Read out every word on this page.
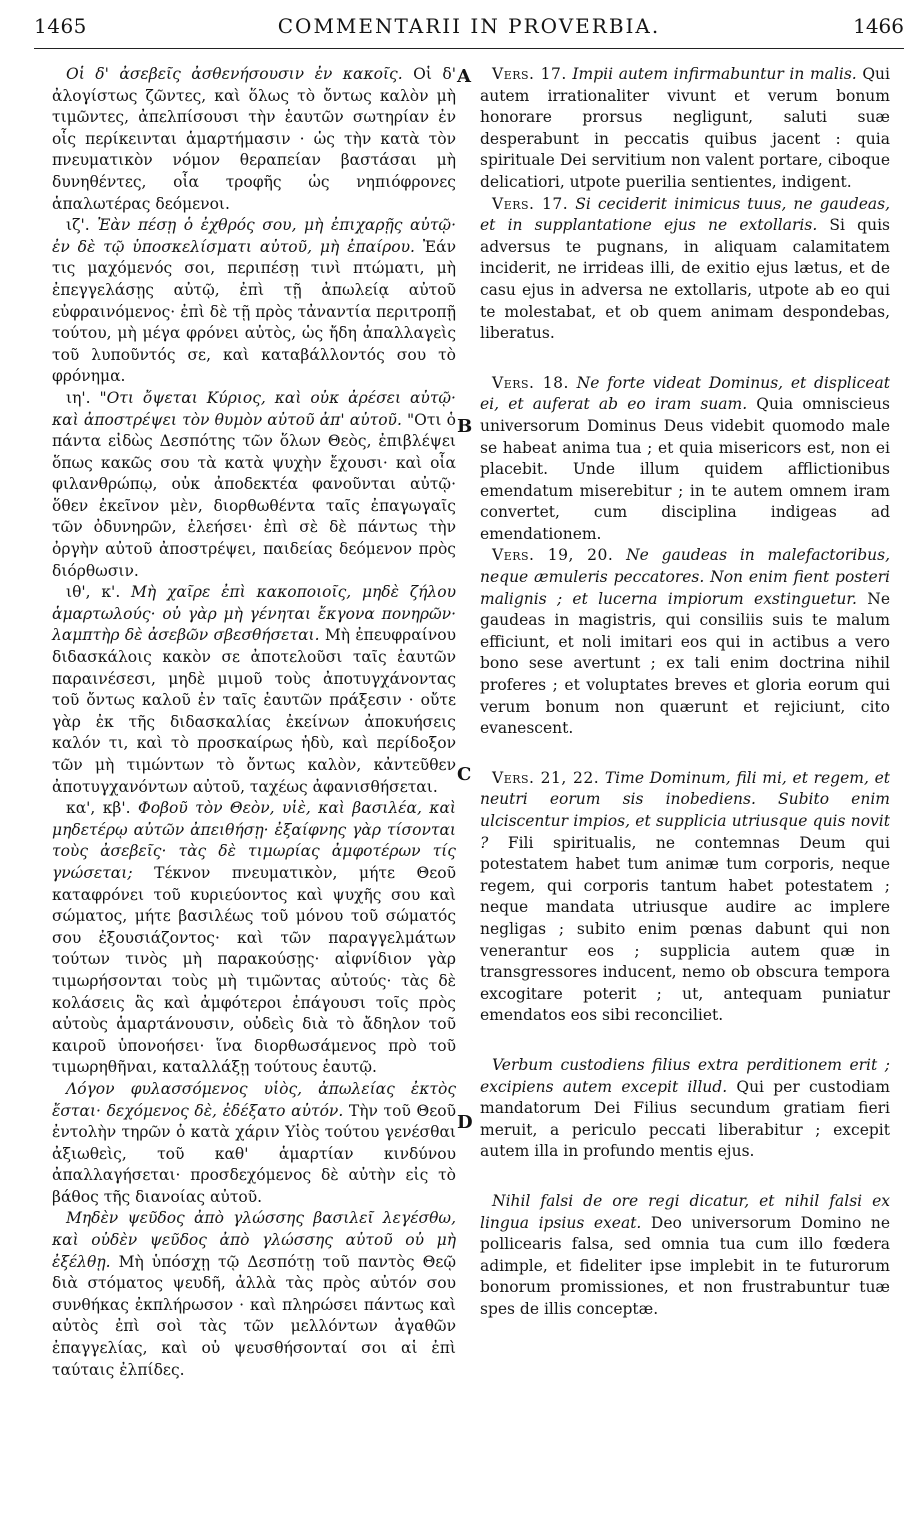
1465	COMMENTARII IN PROVERBIA.	1466
A
B
C
D

Οἱ δ' ἀσεβεῖς ἀσθενήσουσιν ἐν κακοῖς. Οἱ δ' ἀλογίστως ζῶντες, καὶ ὅλως τὸ ὄντως καλὸν μὴ τιμῶντες, ἀπελπίσουσι τὴν ἑαυτῶν σωτηρίαν ἐν οἷς περίκεινται ἁμαρτήμασιν · ὡς τὴν κατὰ τὸν πνευματικὸν νόμον θεραπείαν βαστάσαι μὴ δυνηθέντες, οἷα τροφῆς ὡς νηπιόφρονες ἁπαλωτέρας δεόμενοι.

ιζ'. Ἐὰν πέσῃ ὁ ἐχθρός σου, μὴ ἐπιχαρῇς αὐτῷ· ἐν δὲ τῷ ὑποσκελίσματι αὐτοῦ, μὴ ἐπαίρου. Ἐάν τις μαχόμενός σοι, περιπέσῃ τινὶ πτώματι, μὴ ἐπεγγελάσῃς αὐτῷ, ἐπὶ τῇ ἀπωλείᾳ αὐτοῦ εὐφραινόμενος· ἐπὶ δὲ τῇ πρὸς τἀναντία περιτροπῇ τούτου, μὴ μέγα φρόνει αὐτὸς, ὡς ἤδη ἀπαλλαγεὶς τοῦ λυποῦντός σε, καὶ καταβάλλοντός σου τὸ φρόνημα.

ιη'. "Οτι ὄψεται Κύριος, καὶ οὐκ ἀρέσει αὐτῷ· καὶ ἀποστρέψει τὸν θυμὸν αὐτοῦ ἀπ' αὐτοῦ. "Οτι ὁ πάντα εἰδὼς Δεσπότης τῶν ὅλων Θεὸς, ἐπιβλέψει ὅπως κακῶς σου τὰ κατὰ ψυχὴν ἔχουσι· καὶ οἷα φιλανθρώπῳ, οὐκ ἀποδεκτέα φανοῦνται αὐτῷ· ὅθεν ἐκεῖνον μὲν, διορθωθέντα ταῖς ἐπαγωγαῖς τῶν ὀδυνηρῶν, ἐλεήσει· ἐπὶ σὲ δὲ πάντως τὴν ὀργὴν αὐτοῦ ἀποστρέψει, παιδείας δεόμενον πρὸς διόρθωσιν.

ιθ', κ'. Μὴ χαῖρε ἐπὶ κακοποιοῖς, μηδὲ ζήλου ἁμαρτωλούς· οὐ γὰρ μὴ γένηται ἔκγονα πονηρῶν· λαμπτὴρ δὲ ἀσεβῶν σβεσθήσεται. Μὴ ἐπευφραίνου διδασκάλοις κακὸν σε ἀποτελοῦσι ταῖς ἑαυτῶν παραινέσεσι, μηδὲ μιμοῦ τοὺς ἀποτυγχάνοντας τοῦ ὄντως καλοῦ ἐν ταῖς ἑαυτῶν πράξεσιν · οὔτε γὰρ ἐκ τῆς διδασκαλίας ἐκείνων ἀποκυήσεις καλόν τι, καὶ τὸ προσκαίρως ἡδὺ, καὶ περίδοξον τῶν μὴ τιμώντων τὸ ὄντως καλὸν, κἀντεῦθεν ἀποτυγχανόντων αὐτοῦ, ταχέως ἀφανισθήσεται.

κα', κβ'. Φοβοῦ τὸν Θεὸν, υἱὲ, καὶ βασιλέα, καὶ μηδετέρῳ αὐτῶν ἀπειθήσῃ· ἐξαίφνης γὰρ τίσονται τοὺς ἀσεβεῖς· τὰς δὲ τιμωρίας ἀμφοτέρων τίς γνώσεται; Τέκνον πνευματικὸν, μήτε Θεοῦ καταφρόνει τοῦ κυριεύοντος καὶ ψυχῆς σου καὶ σώματος, μήτε βασιλέως τοῦ μόνου τοῦ σώματός σου ἐξουσιάζοντος· καὶ τῶν παραγγελμάτων τούτων τινὸς μὴ παρακούσῃς· αἰφνίδιον γὰρ τιμωρήσονται τοὺς μὴ τιμῶντας αὐτούς· τὰς δὲ κολάσεις ἃς καὶ ἀμφότεροι ἐπάγουσι τοῖς πρὸς αὐτοὺς ἁμαρτάνουσιν, οὐδεὶς διὰ τὸ ἄδηλον τοῦ καιροῦ ὑπονοήσει· ἵνα διορθωσάμενος πρὸ τοῦ τιμωρηθῆναι, καταλλάξῃ τούτους ἑαυτῷ.

Λόγον φυλασσόμενος υἱὸς, ἀπωλείας ἐκτὸς ἔσται· δεχόμενος δὲ, ἐδέξατο αὐτόν. Τὴν τοῦ Θεοῦ ἐντολὴν τηρῶν ὁ κατὰ χάριν Υἱὸς τούτου γενέσθαι ἀξιωθεὶς, τοῦ καθ' ἁμαρτίαν κινδύνου ἀπαλλαγήσεται· προσδεχόμενος δὲ αὐτὴν εἰς τὸ βάθος τῆς διανοίας αὐτοῦ.

Μηδὲν ψεῦδος ἀπὸ γλώσσης βασιλεῖ λεγέσθω, καὶ οὐδὲν ψεῦδος ἀπὸ γλώσσης αὐτοῦ οὐ μὴ ἐξέλθῃ. Μὴ ὑπόσχῃ τῷ Δεσπότῃ τοῦ παντὸς Θεῷ διὰ στόματος ψευδῆ, ἀλλὰ τὰς πρὸς αὐτόν σου συνθήκας ἐκπλήρωσον · καὶ πληρώσει πάντως καὶ αὐτὸς ἐπὶ σοὶ τὰς τῶν μελλόντων ἀγαθῶν ἐπαγγελίας, καὶ οὐ ψευσθήσονταί σοι αἱ ἐπὶ ταύταις ἐλπίδες.

Vers. 17. Impii autem infirmabuntur in malis. Qui autem irrationaliter vivunt et verum bonum honorare prorsus negligunt, saluti suæ desperabunt in peccatis quibus jacent : quia spirituale Dei servitium non valent portare, ciboque delicatiori, utpote puerilia sentientes, indigent.

Vers. 17. Si ceciderit inimicus tuus, ne gaudeas, et in supplantatione ejus ne extollaris. Si quis adversus te pugnans, in aliquam calamitatem inciderit, ne irrideas illi, de exitio ejus lætus, et de casu ejus in adversa ne extollaris, utpote ab eo qui te molestabat, et ob quem animam despondebas, liberatus.

Vers. 18. Ne forte videat Dominus, et displiceat ei, et auferat ab eo iram suam. Quia omniscieus universorum Dominus Deus videbit quomodo male se habeat anima tua ; et quia misericors est, non ei placebit. Unde illum quidem afflictionibus emendatum miserebitur ; in te autem omnem iram convertet, cum disciplina indigeas ad emendationem.

Vers. 19, 20. Ne gaudeas in malefactoribus, neque æmuleris peccatores. Non enim fient posteri malignis ; et lucerna impiorum exstinguetur. Ne gaudeas in magistris, qui consiliis suis te malum efficiunt, et noli imitari eos qui in actibus a vero bono sese avertunt ; ex tali enim doctrina nihil proferes ; et voluptates breves et gloria eorum qui verum bonum non quærunt et rejiciunt, cito evanescent.

Vers. 21, 22. Time Dominum, fili mi, et regem, et neutri eorum sis inobediens. Subito enim ulciscentur impios, et supplicia utriusque quis novit ? Fili spiritualis, ne contemnas Deum qui potestatem habet tum animæ tum corporis, neque regem, qui corporis tantum habet potestatem ; neque mandata utriusque audire ac implere negligas ; subito enim pœnas dabunt qui non venerantur eos ; supplicia autem quæ in transgressores inducent, nemo ob obscura tempora excogitare poterit ; ut, antequam puniatur emendatos eos sibi reconciliet.

Verbum custodiens filius extra perditionem erit ; excipiens autem excepit illud. Qui per custodiam mandatorum Dei Filius secundum gratiam fieri meruit, a periculo peccati liberabitur ; excepit autem illa in profundo mentis ejus.

Nihil falsi de ore regi dicatur, et nihil falsi ex lingua ipsius exeat. Deo universorum Domino ne pollicearis falsa, sed omnia tua cum illo fœdera adimple, et fideliter ipse implebit in te futurorum bonorum promissiones, et non frustrabuntur tuæ spes de illis conceptæ.
